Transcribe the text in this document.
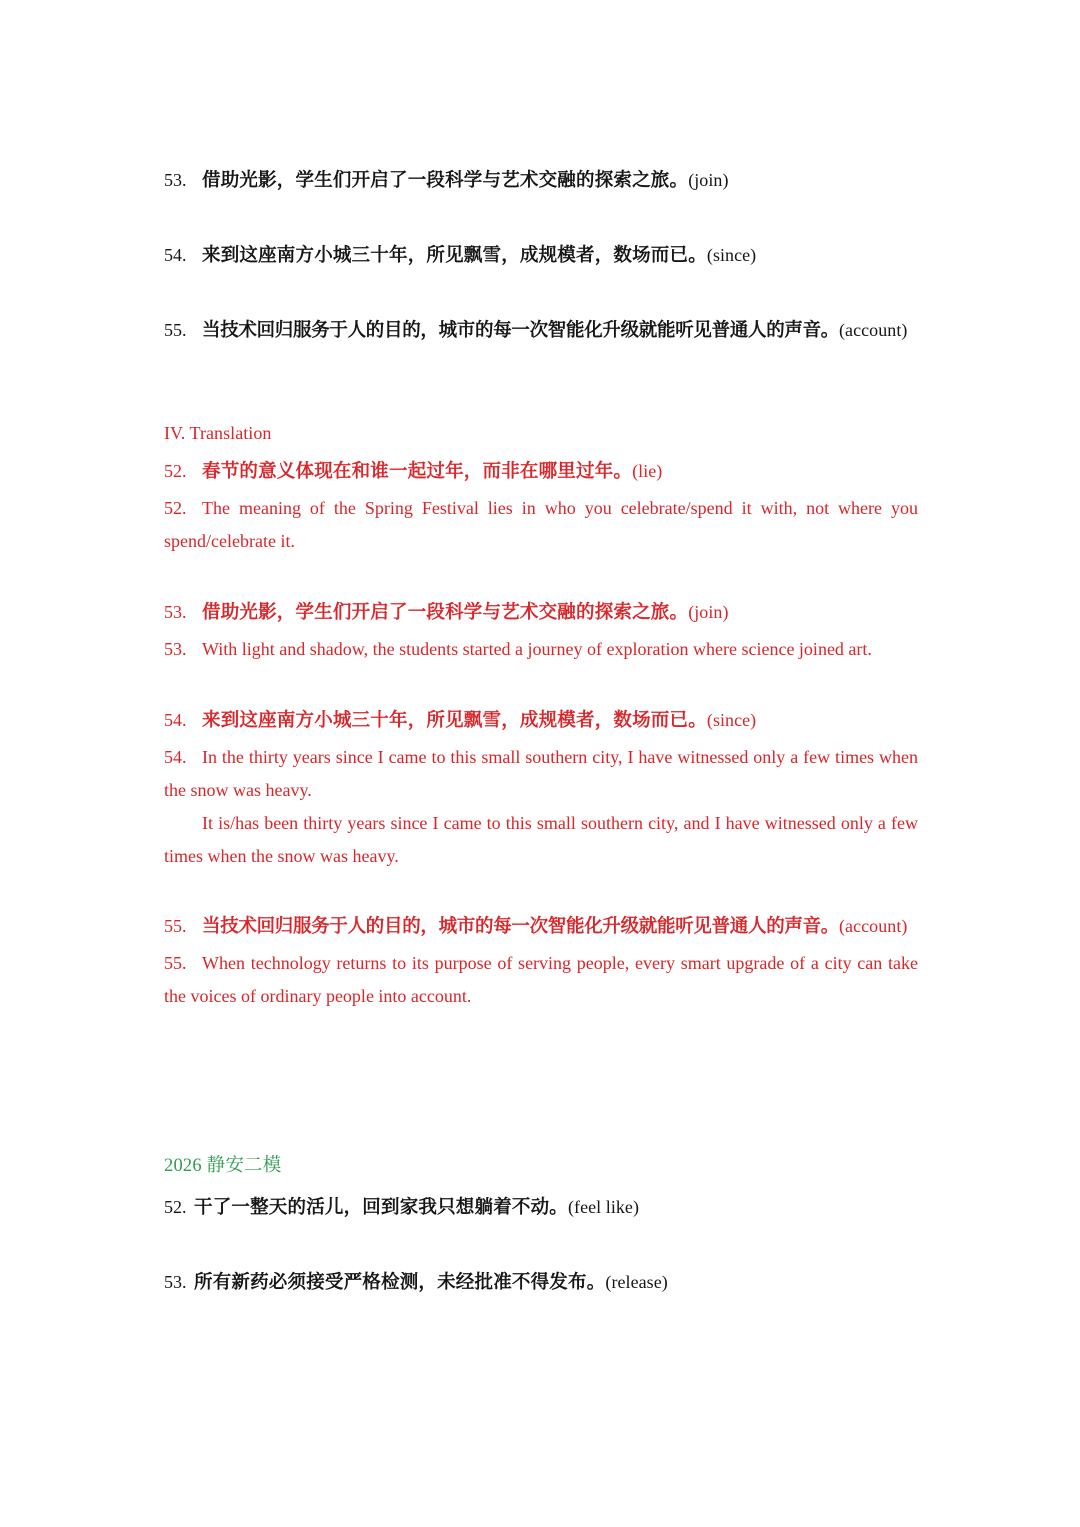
53. 借助光影，学生们开启了一段科学与艺术交融的探索之旅。(join)
54. 来到这座南方小城三十年，所见飘雪，成规模者，数场而已。(since)
55. 当技术回归服务于人的目的，城市的每一次智能化升级就能听见普通人的声音。(account)
IV. Translation
52. 春节的意义体现在和谁一起过年，而非在哪里过年。(lie)
52. The meaning of the Spring Festival lies in who you celebrate/spend it with, not where you spend/celebrate it.
53. 借助光影，学生们开启了一段科学与艺术交融的探索之旅。(join)
53. With light and shadow, the students started a journey of exploration where science joined art.
54. 来到这座南方小城三十年，所见飘雪，成规模者，数场而已。(since)
54. In the thirty years since I came to this small southern city, I have witnessed only a few times when the snow was heavy.
It is/has been thirty years since I came to this small southern city, and I have witnessed only a few times when the snow was heavy.
55. 当技术回归服务于人的目的，城市的每一次智能化升级就能听见普通人的声音。(account)
55. When technology returns to its purpose of serving people, every smart upgrade of a city can take the voices of ordinary people into account.
2026 静安二模
52. 干了一整天的活儿，回到家我只想躺着不动。(feel like)
53. 所有新药必须接受严格检测，未经批准不得发布。(release)
